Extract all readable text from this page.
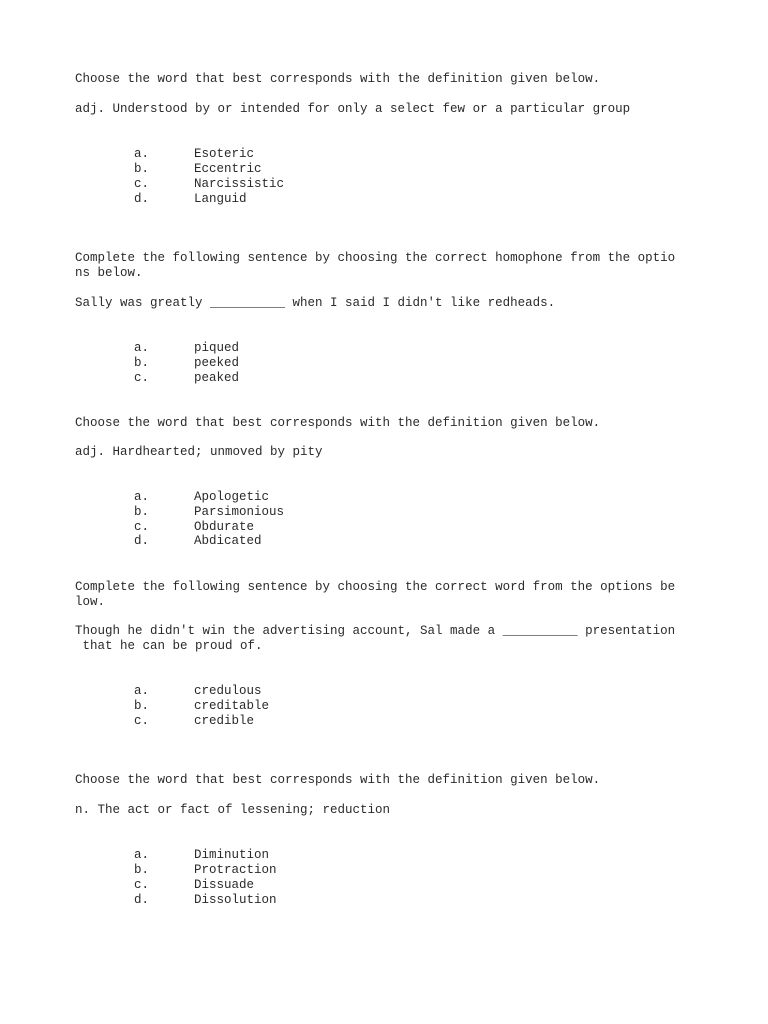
Choose the word that best corresponds with the definition given below.

adj. Understood by or intended for only a select few or a particular group

a.	Esoteric
b.	Eccentric
c.	Narcissistic
d.	Languid

Complete the following sentence by choosing the correct homophone from the optio

ns below.

Sally was greatly __________ when I said I didn't like redheads.

a.	piqued
b.	peeked
c.	peaked

Choose the word that best corresponds with the definition given below.

adj. Hardhearted; unmoved by pity

a.	Apologetic
b.	Parsimonious
c.	Obdurate
d.	Abdicated

Complete the following sentence by choosing the correct word from the options be

low.

Though he didn't win the advertising account, Sal made a __________ presentation

that he can be proud of.

a.	credulous
b.	creditable
c.	credible

Choose the word that best corresponds with the definition given below.

n. The act or fact of lessening; reduction

a.	Diminution
b.	Protraction
c.	Dissuade
d.	Dissolution
